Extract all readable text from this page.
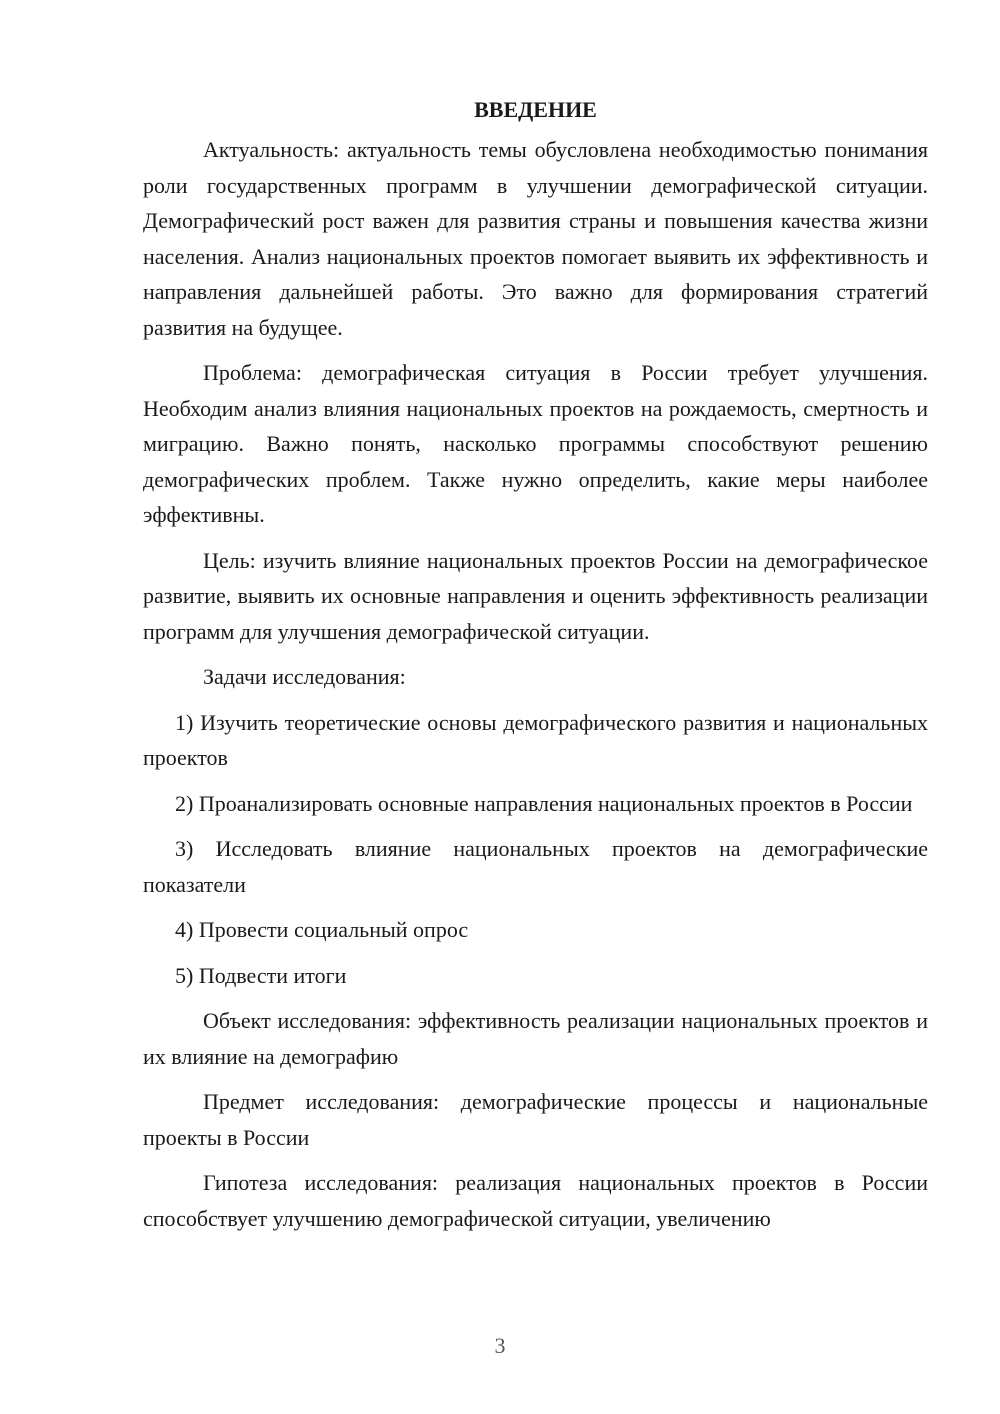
ВВЕДЕНИЕ

Актуальность: актуальность темы обусловлена необходимостью понимания роли государственных программ в улучшении демографической ситуации. Демографический рост важен для развития страны и повышения качества жизни населения. Анализ национальных проектов помогает выявить их эффективность и направления дальнейшей работы. Это важно для формирования стратегий развития на будущее.

Проблема: демографическая ситуация в России требует улучшения. Необходим анализ влияния национальных проектов на рождаемость, смертность и миграцию. Важно понять, насколько программы способствуют решению демографических проблем. Также нужно определить, какие меры наиболее эффективны.

Цель: изучить влияние национальных проектов России на демографическое развитие, выявить их основные направления и оценить эффективность реализации программ для улучшения демографической ситуации.

Задачи исследования:

1) Изучить теоретические основы демографического развития и национальных проектов

2) Проанализировать основные направления национальных проектов в России

3) Исследовать влияние национальных проектов на демографические показатели

4) Провести социальный опрос

5) Подвести итоги

Объект исследования: эффективность реализации национальных проектов и их влияние на демографию

Предмет исследования: демографические процессы и национальные проекты в России

Гипотеза исследования: реализация национальных проектов в России способствует улучшению демографической ситуации, увеличению

3
